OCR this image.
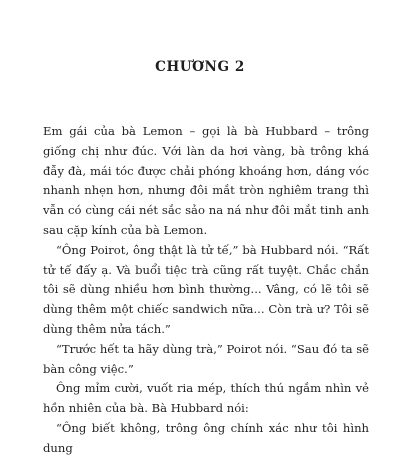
CHƯƠNG 2

Em gái của bà Lemon – gọi là bà Hubbard – trông giống chị như đúc. Với làn da hơi vàng, bà trông khá đẫy đà, mái tóc được chải phóng khoáng hơn, dáng vóc nhanh nhẹn hơn, nhưng đôi mắt tròn nghiêm trang thì vẫn có cùng cái nét sắc sảo na ná như đôi mắt tinh anh sau cặp kính của bà Lemon.

“Ông Poirot, ông thật là tử tế,” bà Hubbard nói. “Rất tử tế đấy ạ. Và buổi tiệc trà cũng rất tuyệt. Chắc chắn tôi sẽ dùng nhiều hơn bình thường... Vâng, có lẽ tôi sẽ dùng thêm một chiếc sandwich nữa... Còn trà ư? Tôi sẽ dùng thêm nửa tách.”

“Trước hết ta hãy dùng trà,” Poirot nói. “Sau đó ta sẽ bàn công việc.”

Ông mỉm cười, vuốt ria mép, thích thú ngắm nhìn vẻ hồn nhiên của bà. Bà Hubbard nói:

“Ông biết không, trông ông chính xác như tôi hình dung
